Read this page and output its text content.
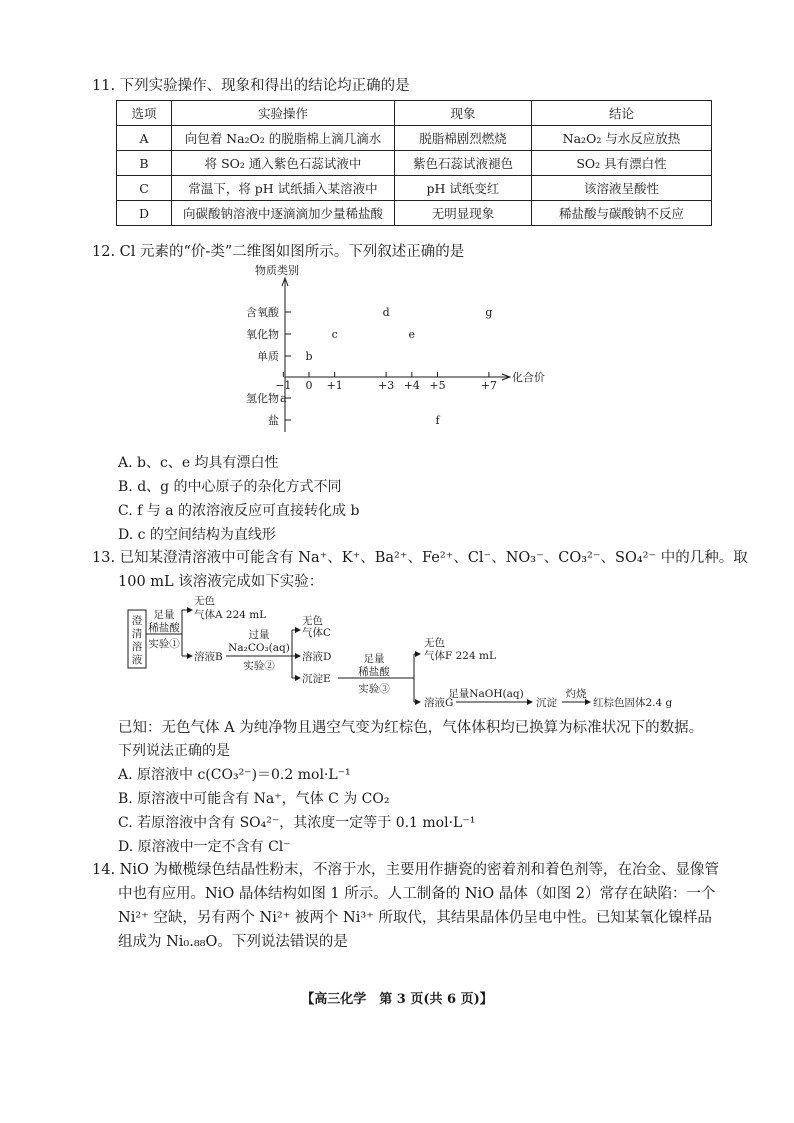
11. 下列实验操作、现象和得出的结论均正确的是
选项	实验操作	现象	结论
A	向包着 Na₂O₂ 的脱脂棉上滴几滴水	脱脂棉剧烈燃烧	Na₂O₂ 与水反应放热
B	将 SO₂ 通入紫色石蕊试液中	紫色石蕊试液褪色	SO₂ 具有漂白性
C	常温下，将 pH 试纸插入某溶液中	pH 试纸变红	该溶液呈酸性
D	向碳酸钠溶液中逐滴滴加少量稀盐酸	无明显现象	稀盐酸与碳酸钠不反应
12. Cl 元素的“价-类”二维图如图所示。下列叙述正确的是
物质类别
化合价
含氧酸
氧化物
单质
氢化物
盐
−1 0 +1	+3 +4 +5	+7
a
b
c
d
e
f
g
A. b、c、e 均具有漂白性
B. d、g 的中心原子的杂化方式不同
C. f 与 a 的浓溶液反应可直接转化成 b
D. c 的空间结构为直线形
13. 已知某澄清溶液中可能含有 Na⁺、K⁺、Ba²⁺、Fe²⁺、Cl⁻、NO₃⁻、CO₃²⁻、SO₄²⁻ 中的几种。取
100 mL 该溶液完成如下实验：
澄
清
溶
液
足量
稀盐酸
实验①
无色
气体A 224 mL
溶液B
过量
Na₂CO₃(aq)
实验②
无色
气体C
溶液D
沉淀E
足量
稀盐酸
实验③
无色
气体F 224 mL
溶液G
足量NaOH(aq)
沉淀
灼烧
红棕色固体2.4 g
已知：无色气体 A 为纯净物且遇空气变为红棕色，气体体积均已换算为标准状况下的数据。
下列说法正确的是
A. 原溶液中 c(CO₃²⁻)＝0.2 mol·L⁻¹
B. 原溶液中可能含有 Na⁺，气体 C 为 CO₂
C. 若原溶液中含有 SO₄²⁻，其浓度一定等于 0.1 mol·L⁻¹
D. 原溶液中一定不含有 Cl⁻
14. NiO 为橄榄绿色结晶性粉末，不溶于水，主要用作搪瓷的密着剂和着色剂等，在冶金、显像管
中也有应用。NiO 晶体结构如图 1 所示。人工制备的 NiO 晶体（如图 2）常存在缺陷：一个
Ni²⁺ 空缺，另有两个 Ni²⁺ 被两个 Ni³⁺ 所取代，其结果晶体仍呈电中性。已知某氧化镍样品
组成为 Ni₀.₈₈O。下列说法错误的是
【高三化学　第 3 页(共 6 页)】
